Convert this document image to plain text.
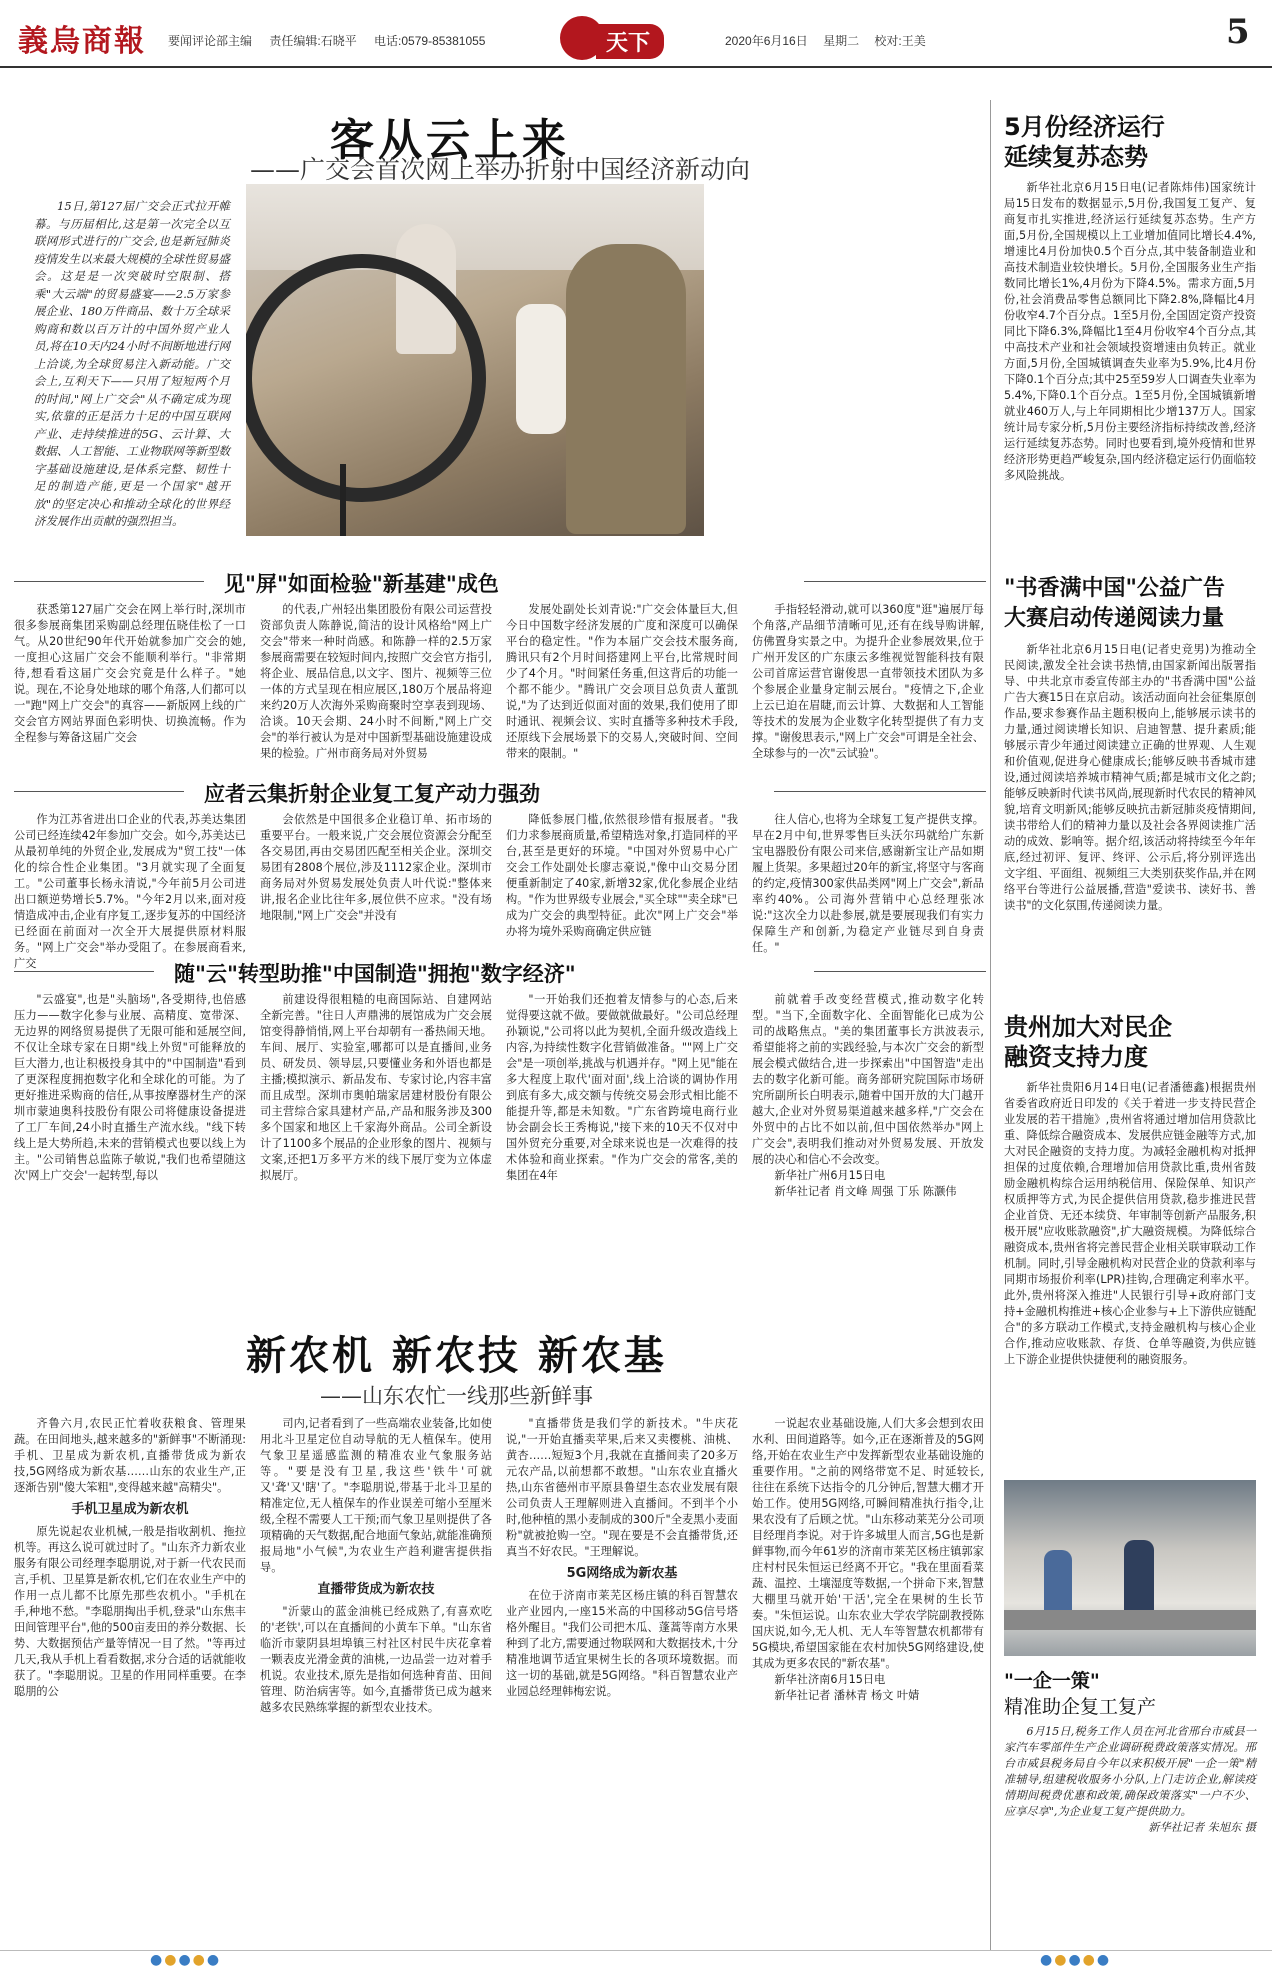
義烏商報 要闻评论部主编 责任编辑:石晓平 电话:0579-85381055	天下	2020年6月16日 星期二 校对:王美	5
客从云上来
——广交会首次网上举办折射中国经济新动向

15日,第127届广交会正式拉开帷幕。与历届相比,这是第一次完全以互联网形式进行的广交会,也是新冠肺炎疫情发生以来最大规模的全球性贸易盛会。这是是一次突破时空限制、搭乘"大云端"的贸易盛宴——2.5万家参展企业、180万件商品、数十万全球采购商和数以百万计的中国外贸产业人员,将在10天内24小时不间断地进行网上洽谈,为全球贸易注入新动能。广交会上,互利天下——只用了短短两个月的时间,"网上广交会"从不确定成为现实,依靠的正是活力十足的中国互联网产业、走持续推进的5G、云计算、大数据、人工智能、工业物联网等新型数字基础设施建设,是体系完整、韧性十足的制造产能,更是一个国家"越开放"的坚定决心和推动全球化的世界经济发展作出贡献的强烈担当。

见"屏"如面检验"新基建"成色

获悉第127届广交会在网上举行时,深圳市很多参展商集团采购副总经理伍晓佳松了一口气。从20世纪90年代开始就参加广交会的她,一度担心这届广交会不能顺利举行。"非常期待,想看看这届广交会究竟是什么样子。"她说。现在,不论身处地球的哪个角落,人们都可以一"跑"网上广交会"的真容——新版网上线的广交会官方网站界面色彩明快、切换流畅。作为全程参与筹备这届广交会

的代表,广州轻出集团股份有限公司运营投资部负责人陈静说,简洁的设计风格给"网上广交会"带来一种时尚感。和陈静一样的2.5万家参展商需要在较短时间内,按照广交会官方指引,将企业、展品信息,以文字、图片、视频等三位一体的方式呈现在相应展区,180万个展品将迎来约20万人次海外采购商聚时空享表到现场、洽谈。10天会期、24小时不间断,"网上广交会"的举行被认为是对中国新型基础设施建设成果的检验。广州市商务局对外贸易

发展处副处长刘青说:"广交会体量巨大,但今日中国数字经济发展的广度和深度可以确保平台的稳定性。"作为本届广交会技术服务商,腾讯只有2个月时间搭建网上平台,比常规时间少了4个月。"时间紧任务重,但这背后的功能一个都不能少。"腾讯广交会项目总负责人董凯说,"为了达到近似面对面的效果,我们使用了即时通讯、视频会议、实时直播等多种技术手段,还原线下会展场景下的交易人,突破时间、空间带来的限制。"

手指轻轻滑动,就可以360度"逛"遍展厅每个角落,产品细节清晰可见,还有在线导购讲解,仿佛置身实景之中。为提升企业参展效果,位于广州开发区的广东康云多维视觉智能科技有限公司首席运营官谢俊思一直带领技术团队为多个参展企业量身定制云展台。"疫情之下,企业上云已迫在眉睫,而云计算、大数据和人工智能等技术的发展为企业数字化转型提供了有力支撑。"谢俊思表示,"网上广交会"可谓是全社会、全球参与的一次"云试验"。

应者云集折射企业复工复产动力强劲

作为江苏省进出口企业的代表,苏美达集团公司已经连续42年参加广交会。如今,苏美达已从最初单纯的外贸企业,发展成为"贸工技"一体化的综合性企业集团。"3月就实现了全面复工。"公司董事长杨永清说,"今年前5月公司进出口额逆势增长5.7%。"今年2月以来,面对疫情造成冲击,企业有序复工,逐步复苏的中国经济已经面在前面对一次全开大展提供原材料服务。"网上广交会"举办受阻了。在参展商看来,广交

会依然是中国很多企业稳订单、拓市场的重要平台。一般来说,广交会展位资源会分配至各交易团,再由交易团匹配至相关企业。深圳交易团有2808个展位,涉及1112家企业。深圳市商务局对外贸易发展处负责人叶代说:"整体来讲,报名企业比往年多,展位供不应求。"没有场地限制,"网上广交会"并没有

降低参展门槛,依然很珍惜有报展者。"我们力求参展商质量,希望精选对象,打造同样的平台,甚至是更好的环境。"中国对外贸易中心广交会工作处副处长廖志豪说,"像中山交易分团便重新制定了40家,新增32家,优化参展企业结构。"作为世界级专业展会,"买全球""卖全球"已成为广交会的典型特征。此次"网上广交会"举办将为境外采购商确定供应链

往人信心,也将为全球复工复产提供支撑。早在2月中旬,世界零售巨头沃尔玛就给广东新宝电器股份有限公司来信,感谢新宝让产品如期履上货架。多果超过20年的新宝,将坚守与客商的约定,疫情300家供品类网"网上广交会",新品率约40%。公司海外营销中心总经理张冰说:"这次全力以赴参展,就是要展现我们有实力保障生产和创新,为稳定产业链尽到自身责任。"

随"云"转型助推"中国制造"拥抱"数字经济"

"云盛宴",也是"头脑场",各受期待,也倍感压力——数字化参与业展、高精度、宽带深、无边界的网络贸易提供了无限可能和延展空间,不仅让全球专家在日期"线上外贸"可能释放的巨大潜力,也让积极投身其中的"中国制造"看到了更深程度拥抱数字化和全球化的可能。为了更好推进采购商的信任,从事按摩器材生产的深圳市蒙迪奥科技股份有限公司将健康设备提进了工厂车间,24小时直播生产流水线。"线下转线上是大势所趋,未来的营销模式也要以线上为主。"公司销售总监陈子敏说,"我们也希望随这次'网上广交会'一起转型,每以

前建设得很粗糙的电商国际站、自建网站全新完善。"往日人声鼎沸的展馆成为广交会展馆变得静悄悄,网上平台却朝有一番热闹天地。车间、展厅、实验室,哪都可以是直播间,业务员、研发员、领导层,只要懂业务和外语也都是主播;模拟演示、新品发布、专家讨论,内容丰富而且成型。深圳市奥帕瑞家居建材股份有限公司主营综合家具建材产品,产品和服务涉及300多个国家和地区上千家海外商品。公司全新设计了1100多个展品的企业形象的图片、视频与文案,还把1万多平方米的线下展厅变为立体虚拟展厅。

"一开始我们还抱着友情参与的心态,后来觉得要这就不做。要做就做最好。"公司总经理孙颖说,"公司将以此为契机,全面升级改造线上内容,为持续性数字化营销做准备。""网上广交会"是一项创举,挑战与机遇并存。"网上见"能在多大程度上取代'面对面',线上洽谈的调协作用到底有多大,成交额与传统交易会形式相比能不能提升等,都是未知数。"广东省跨境电商行业协会副会长王秀梅说,"接下来的10天不仅对中国外贸充分重要,对全球来说也是一次难得的技术体验和商业探索。"作为广交会的常客,美的集团在4年

前就着手改变经营模式,推动数字化转型。"当下,全面数字化、全面智能化已成为公司的战略焦点。"美的集团董事长方洪波表示,希望能将之前的实践经验,与本次广交会的新型展会模式做结合,进一步探索出"中国智造"走出去的数字化新可能。商务部研究院国际市场研究所副所长白明表示,随着中国开放的大门越开越大,企业对外贸易渠道越来越多样,"广交会在外贸中的占比不如以前,但中国依然举办"网上广交会",表明我们推动对外贸易发展、开放发展的决心和信心不会改变。

新华社广州6月15日电
新华社记者 肖文峰 周强 丁乐 陈灏伟
新农机 新农技 新农基
——山东农忙一线那些新鲜事

齐鲁六月,农民正忙着收获粮食、管理果蔬。在田间地头,越来越多的"新鲜事"不断涌现:手机、卫星成为新农机,直播带货成为新农技,5G网络成为新农基……山东的农业生产,正逐渐告别"傻大笨粗",变得越来越"高精尖"。

手机卫星成为新农机

原先说起农业机械,一般是指收割机、拖拉机等。再这么说可就过时了。"山东齐力新农业服务有限公司经理李聪朋说,对于新一代农民而言,手机、卫星算是新农机,它们在农业生产中的作用一点儿都不比原先那些农机小。"手机在手,种地不愁。"李聪朋掏出手机,登录"山东焦丰田间管理平台",他的500亩麦田的养分数据、长势、大数据预估产量等情况一目了然。"等再过几天,我从手机上看看数据,求分合适的话就能收获了。"李聪朋说。卫星的作用同样重要。在李聪朋的公

司内,记者看到了一些高端农业装备,比如使用北斗卫星定位自动导航的无人植保车。使用气象卫星遥感监测的精准农业气象服务站等。"要是没有卫星,我这些'铁牛'可就又'聋'又'瞎'了。"李聪朋说,带基于北斗卫星的精准定位,无人植保车的作业误差可缩小至厘米级,全程不需要人工干预;而气象卫星则提供了各项精确的天气数据,配合地面气象站,就能准确预报局地"小气候",为农业生产趋利避害提供指导。

直播带货成为新农技

"沂蒙山的蓝金油桃已经成熟了,有喜欢吃的'老铁',可以在直播间的小黄车下单。"山东省临沂市蒙阴县坦埠镇三村社区村民牛庆花拿着一颗表皮光滑金黄的油桃,一边品尝一边对着手机说。农业技术,原先是指如何选种育苗、田间管理、防治病害等。如今,直播带货已成为越来越多农民熟练掌握的新型农业技术。

"直播带货是我们学的新技术。"牛庆花说,"一开始直播卖苹果,后来又卖樱桃、油桃、黄杏……短短3个月,我就在直播间卖了20多万元农产品,以前想都不敢想。"山东农业直播火热,山东省德州市平原县鲁望生态农业发展有限公司负责人王理解则进入直播间。不到半个小时,他种植的黑小麦制成的300斤"全麦黑小麦面粉"就被抢购一空。"现在要是不会直播带货,还真当不好农民。"王理解说。

5G网络成为新农基

在位于济南市莱芜区杨庄镇的科百智慧农业产业园内,一座15米高的中国移动5G信号塔格外醒目。"我们公司把木瓜、蓬蒿等南方水果种到了北方,需要通过物联网和大数据技术,十分精准地调节适宜果树生长的各项环境数据。而这一切的基础,就是5G网络。"科百智慧农业产业园总经理韩梅宏说。

一说起农业基础设施,人们大多会想到农田水利、田间道路等。如今,正在逐渐普及的5G网络,开始在农业生产中发挥新型农业基础设施的重要作用。"之前的网络带宽不足、时延较长,往往在系统下达指令的几分钟后,智慧大棚才开始工作。使用5G网络,可瞬间精准执行指令,让果农没有了后顾之忧。"山东移动莱芜分公司项目经理肖李说。对于许多城里人而言,5G也是新鲜事物,而今年61岁的济南市莱芜区杨庄镇郭家庄村村民朱恒运已经离不开它。"我在里面看菜蔬、温控、土壤湿度等数据,一个拼命下来,智慧大棚里马就开始'干活',完全在果树的生长节奏。"朱恒运说。山东农业大学农学院副教授陈国庆说,如今,无人机、无人车等智慧农机都带有5G模块,希望国家能在农村加快5G网络建设,使其成为更多农民的"新农基"。

新华社济南6月15日电
新华社记者 潘林青 杨文 叶婧
5月份经济运行
延续复苏态势

新华社北京6月15日电(记者陈炜伟)国家统计局15日发布的数据显示,5月份,我国复工复产、复商复市扎实推进,经济运行延续复苏态势。生产方面,5月份,全国规模以上工业增加值同比增长4.4%,增速比4月份加快0.5个百分点,其中装备制造业和高技术制造业较快增长。5月份,全国服务业生产指数同比增长1%,4月份为下降4.5%。需求方面,5月份,社会消费品零售总额同比下降2.8%,降幅比4月份收窄4.7个百分点。1至5月份,全国固定资产投资同比下降6.3%,降幅比1至4月份收窄4个百分点,其中高技术产业和社会领域投资增速由负转正。就业方面,5月份,全国城镇调查失业率为5.9%,比4月份下降0.1个百分点;其中25至59岁人口调查失业率为5.4%,下降0.1个百分点。1至5月份,全国城镇新增就业460万人,与上年同期相比少增137万人。国家统计局专家分析,5月份主要经济指标持续改善,经济运行延续复苏态势。同时也要看到,境外疫情和世界经济形势更趋严峻复杂,国内经济稳定运行仍面临较多风险挑战。

"书香满中国"公益广告
大赛启动传递阅读力量

新华社北京6月15日电(记者史竞男)为推动全民阅读,激发全社会读书热情,由国家新闻出版署指导、中共北京市委宣传部主办的"书香满中国"公益广告大赛15日在京启动。该活动面向社会征集原创作品,要求参赛作品主题积极向上,能够展示读书的力量,通过阅读增长知识、启迪智慧、提升素质;能够展示青少年通过阅读建立正确的世界观、人生观和价值观,促进身心健康成长;能够反映书香城市建设,通过阅读培养城市精神气质;都是城市文化之韵;能够反映新时代读书风尚,展现新时代农民的精神风貌,培育文明新风;能够反映抗击新冠肺炎疫情期间,读书带给人们的精神力量以及社会各界阅读推广活动的成效、影响等。据介绍,该活动将持续至今年年底,经过初评、复评、终评、公示后,将分别评选出文字组、平面组、视频组三大类别获奖作品,并在网络平台等进行公益展播,营造"爱读书、读好书、善读书"的文化氛围,传递阅读力量。

贵州加大对民企
融资支持力度

新华社贵阳6月14日电(记者潘德鑫)根据贵州省委省政府近日印发的《关于着进一步支持民营企业发展的若干措施》,贵州省将通过增加信用贷款比重、降低综合融资成本、发展供应链金融等方式,加大对民企融资的支持力度。为减轻金融机构对抵押担保的过度依赖,合理增加信用贷款比重,贵州省鼓励金融机构综合运用纳税信用、保险保单、知识产权质押等方式,为民企提供信用贷款,稳步推进民营企业首贷、无还本续贷、年审制等创新产品服务,积极开展"应收账款融资",扩大融资规模。为降低综合融资成本,贵州省将完善民营企业相关联审联动工作机制。同时,引导金融机构对民营企业的贷款利率与同期市场报价利率(LPR)挂钩,合理确定利率水平。此外,贵州将深入推进"人民银行引导+政府部门支持+金融机构推进+核心企业参与+上下游供应链配合"的多方联动工作模式,支持金融机构与核心企业合作,推动应收账款、存货、仓单等融资,为供应链上下游企业提供快捷便利的融资服务。

"一企一策"
精准助企复工复产

6月15日,税务工作人员在河北省邢台市威县一家汽车零部件生产企业调研税费政策落实情况。邢台市威县税务局自今年以来积极开展"一企一策"精准辅导,组建税收服务小分队,上门走访企业,解读疫情期间税费优惠和政策,确保政策落实"一户不少、应享尽享",为企业复工复产提供助力。

新华社记者 朱旭东 摄
●●●●●	●●●●●
